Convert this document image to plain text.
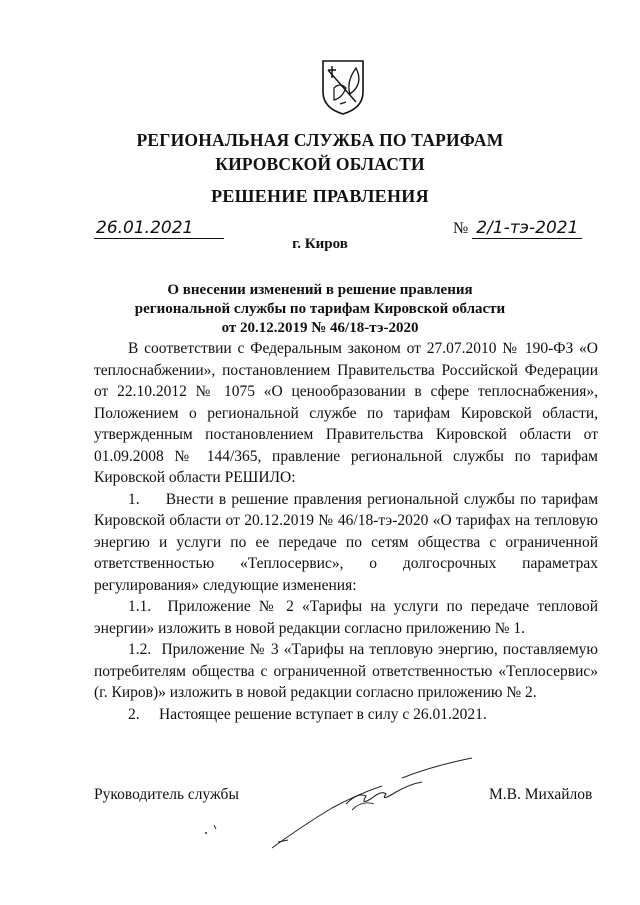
РЕГИОНАЛЬНАЯ СЛУЖБА ПО ТАРИФАМ
КИРОВСКОЙ ОБЛАСТИ
РЕШЕНИЕ ПРАВЛЕНИЯ
26.01.2021	№ 2/1-тэ-2021
г. Киров
О внесении изменений в решение правления
региональной службы по тарифам Кировской области
от 20.12.2019 № 46/18-тэ-2020

В соответствии с Федеральным законом от 27.07.2010 № 190-ФЗ «О теплоснабжении», постановлением Правительства Российской Федерации от 22.10.2012 № 1075 «О ценообразовании в сфере теплоснабжения», Положением о региональной службе по тарифам Кировской области, утвержденным постановлением Правительства Кировской области от 01.09.2008 № 144/365, правление региональной службы по тарифам Кировской области РЕШИЛО:

1. Внести в решение правления региональной службы по тарифам Кировской области от 20.12.2019 № 46/18-тэ-2020 «О тарифах на тепловую энергию и услуги по ее передаче по сетям общества с ограниченной ответственностью «Теплосервис», о долгосрочных параметрах регулирования» следующие изменения:

1.1. Приложение № 2 «Тарифы на услуги по передаче тепловой энергии» изложить в новой редакции согласно приложению № 1.

1.2. Приложение № 3 «Тарифы на тепловую энергию, поставляемую потребителям общества с ограниченной ответственностью «Теплосервис» (г. Киров)» изложить в новой редакции согласно приложению № 2.

2. Настоящее решение вступает в силу с 26.01.2021.

Руководитель службы	М.В. Михайлов
